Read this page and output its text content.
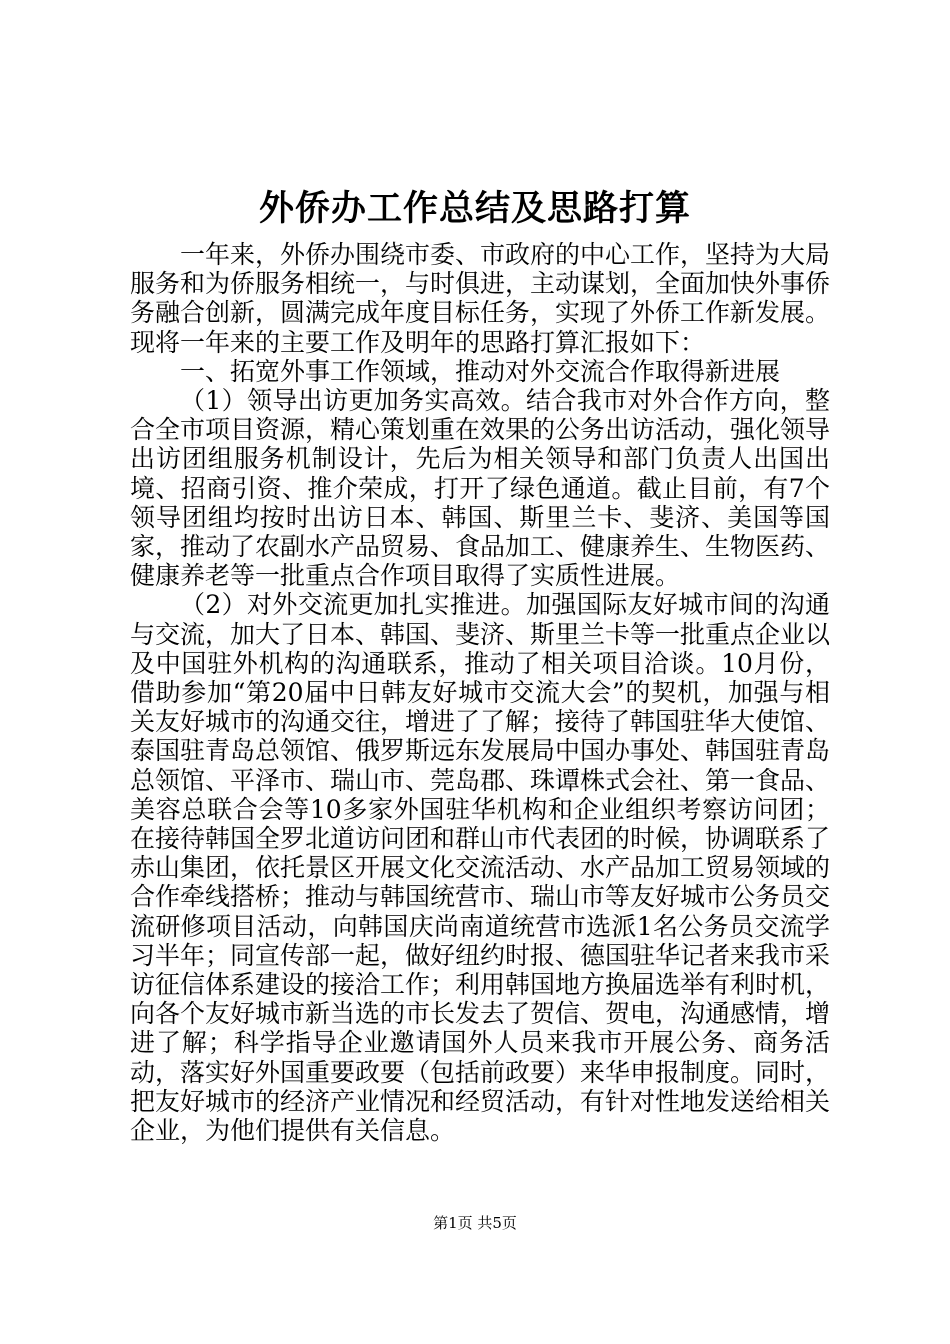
外侨办工作总结及思路打算

一年来，外侨办围绕市委、市政府的中心工作，坚持为大局服务和为侨服务相统一，与时俱进，主动谋划，全面加快外事侨务融合创新，圆满完成年度目标任务，实现了外侨工作新发展。现将一年来的主要工作及明年的思路打算汇报如下：

一、拓宽外事工作领域，推动对外交流合作取得新进展

（1）领导出访更加务实高效。结合我市对外合作方向，整合全市项目资源，精心策划重在效果的公务出访活动，强化领导出访团组服务机制设计，先后为相关领导和部门负责人出国出境、招商引资、推介荣成，打开了绿色通道。截止目前，有7个领导团组均按时出访日本、韩国、斯里兰卡、斐济、美国等国家，推动了农副水产品贸易、食品加工、健康养生、生物医药、健康养老等一批重点合作项目取得了实质性进展。

（2）对外交流更加扎实推进。加强国际友好城市间的沟通与交流，加大了日本、韩国、斐济、斯里兰卡等一批重点企业以及中国驻外机构的沟通联系，推动了相关项目洽谈。10月份，借助参加“第20届中日韩友好城市交流大会”的契机，加强与相关友好城市的沟通交往，增进了了解；接待了韩国驻华大使馆、泰国驻青岛总领馆、俄罗斯远东发展局中国办事处、韩国驻青岛总领馆、平泽市、瑞山市、莞岛郡、珠谭株式会社、第一食品、美容总联合会等10多家外国驻华机构和企业组织考察访问团；在接待韩国全罗北道访问团和群山市代表团的时候，协调联系了赤山集团，依托景区开展文化交流活动、水产品加工贸易领域的合作牵线搭桥；推动与韩国统营市、瑞山市等友好城市公务员交流研修项目活动，向韩国庆尚南道统营市选派1名公务员交流学习半年；同宣传部一起，做好纽约时报、德国驻华记者来我市采访征信体系建设的接洽工作；利用韩国地方换届选举有利时机，向各个友好城市新当选的市长发去了贺信、贺电，沟通感情，增进了解；科学指导企业邀请国外人员来我市开展公务、商务活动，落实好外国重要政要（包括前政要）来华申报制度。同时，把友好城市的经济产业情况和经贸活动，有针对性地发送给相关企业，为他们提供有关信息。

第1页 共5页
